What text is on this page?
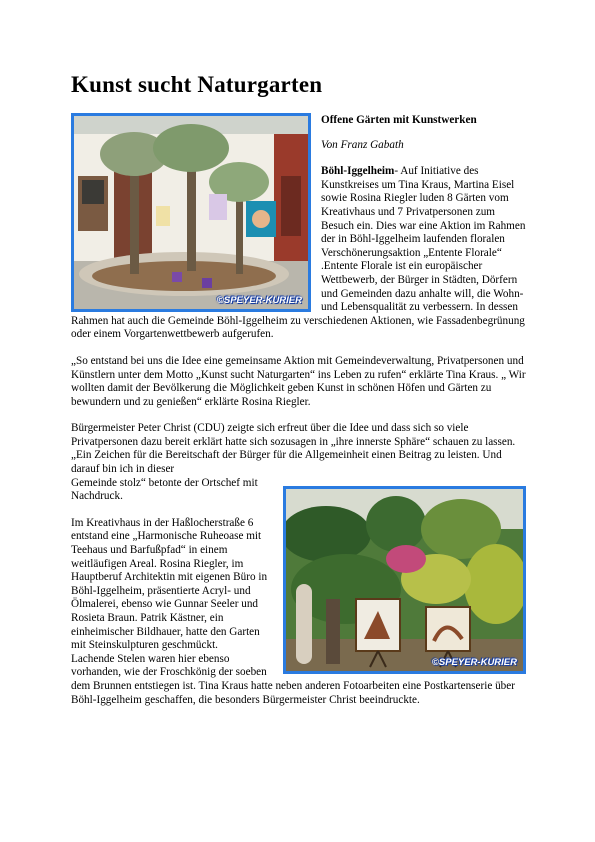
Kunst sucht Naturgarten
©SPEYER-KURIER

Offene Gärten mit Kunstwerken

Von Franz Gabath

Böhl-Iggelheim- Auf Initiative des Kunstkreises um Tina Kraus, Martina Eisel sowie Rosina Riegler luden 8 Gärten vom Kreativhaus und 7 Privatpersonen zum Besuch ein. Dies war eine Aktion im Rahmen der in Böhl-Iggelheim laufenden floralen Verschönerungsaktion „Entente Florale“ .Entente Florale ist ein europäischer Wettbewerb, der Bürger in Städten, Dörfern und Gemeinden dazu anhalte will, die Wohn- und Lebensqualität zu verbessern. In dessen Rahmen hat auch die Gemeinde Böhl-Iggelheim zu verschiedenen Aktionen, wie Fassadenbegrünung oder einem Vorgartenwettbewerb aufgerufen.

„So entstand bei uns die Idee eine gemeinsame Aktion mit Gemeindeverwaltung, Privatpersonen und Künstlern unter dem Motto „Kunst sucht Naturgarten“ ins Leben zu rufen“ erklärte Tina Kraus. „ Wir wollten damit der Bevölkerung die Möglichkeit geben Kunst in schönen Höfen und Gärten zu bewundern und zu genießen“ erklärte Rosina Riegler.

Bürgermeister Peter Christ (CDU) zeigte sich erfreut über die Idee und dass sich so viele Privatpersonen dazu bereit erklärt hatte sich sozusagen in „ihre innerste Sphäre“ schauen zu lassen. „Ein Zeichen für die Bereitschaft der Bürger für die Allgemeinheit einen Beitrag zu leisten. Und darauf bin ich in dieser

©SPEYER-KURIER

Gemeinde stolz“ betonte der Ortschef mit Nachdruck.

Im Kreativhaus in der Haßlocherstraße 6 entstand eine „Harmonische Ruheoase mit Teehaus und Barfußpfad“ in einem weitläufigen Areal. Rosina Riegler, im Hauptberuf Architektin mit eigenen Büro in Böhl-Iggelheim, präsentierte Acryl- und Ölmalerei, ebenso wie Gunnar Seeler und Rosieta Braun. Patrik Kästner, ein einheimischer Bildhauer, hatte den Garten mit Steinskulpturen geschmückt.

Lachende Stelen waren hier ebenso vorhanden, wie der Froschkönig der soeben dem Brunnen entstiegen ist. Tina Kraus hatte neben anderen Fotoarbeiten eine Postkartenserie über Böhl-Iggelheim geschaffen, die besonders Bürgermeister Christ beeindruckte.
